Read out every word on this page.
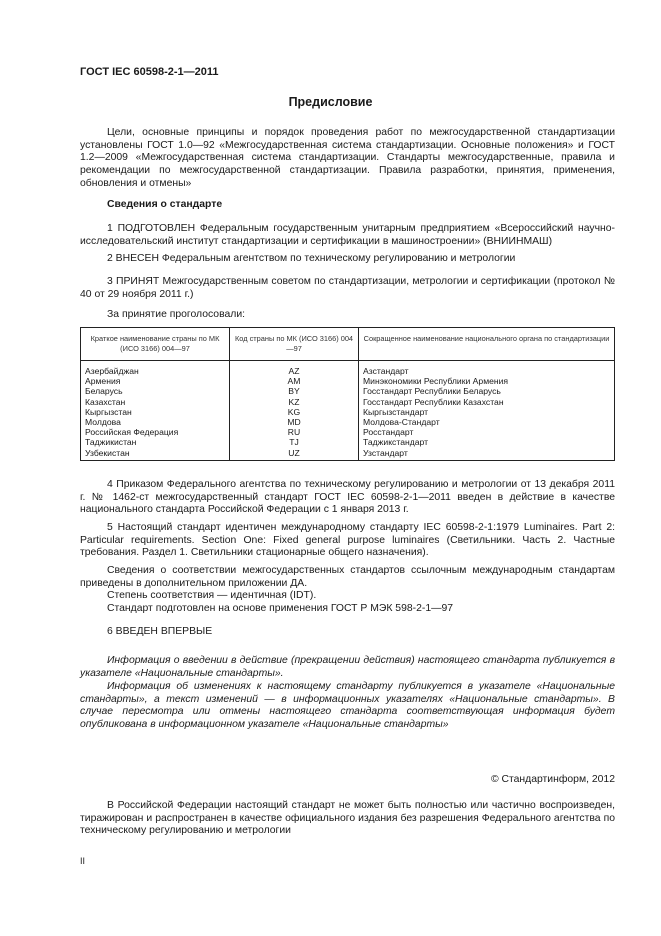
ГОСТ IEC 60598-2-1—2011
Предисловие

Цели, основные принципы и порядок проведения работ по межгосударственной стандартизации установлены ГОСТ 1.0—92 «Межгосударственная система стандартизации. Основные положения» и ГОСТ 1.2—2009 «Межгосударственная система стандартизации. Стандарты межгосударственные, правила и рекомендации по межгосударственной стандартизации. Правила разработки, принятия, применения, обновления и отмены»

Сведения о стандарте

1 ПОДГОТОВЛЕН Федеральным государственным унитарным предприятием «Всероссийский научно-исследовательский институт стандартизации и сертификации в машиностроении» (ВНИИНМАШ)

2 ВНЕСЕН Федеральным агентством по техническому регулированию и метрологии

3 ПРИНЯТ Межгосударственным советом по стандартизации, метрологии и сертификации (протокол № 40 от 29 ноября 2011 г.)

За принятие проголосовали:

Краткое наименование страны по МК (ИСО 3166) 004—97	Код страны по МК (ИСО 3166) 004—97	Сокращенное наименование национального органа по стандартизации
Азербайджан	AZ	Азстандарт
Армения	AM	Минэкономики Республики Армения
Беларусь	BY	Госстандарт Республики Беларусь
Казахстан	KZ	Госстандарт Республики Казахстан
Кыргызстан	KG	Кыргызстандарт
Молдова	MD	Молдова-Стандарт
Российская Федерация	RU	Росстандарт
Таджикистан	TJ	Таджикстандарт
Узбекистан	UZ	Узстандарт

4 Приказом Федерального агентства по техническому регулированию и метрологии от 13 декабря 2011 г. № 1462-ст межгосударственный стандарт ГОСТ IEC 60598-2-1—2011 введен в действие в качестве национального стандарта Российской Федерации с 1 января 2013 г.

5 Настоящий стандарт идентичен международному стандарту IEC 60598-2-1:1979 Luminaires. Part 2: Particular requirements. Section One: Fixed general purpose luminaires (Светильники. Часть 2. Частные требования. Раздел 1. Светильники стационарные общего назначения).

Сведения о соответствии межгосударственных стандартов ссылочным международным стандартам приведены в дополнительном приложении ДА.

Степень соответствия — идентичная (IDT).

Стандарт подготовлен на основе применения ГОСТ Р МЭК 598-2-1—97

6 ВВЕДЕН ВПЕРВЫЕ

Информация о введении в действие (прекращении действия) настоящего стандарта публикуется в указателе «Национальные стандарты».

Информация об изменениях к настоящему стандарту публикуется в указателе «Национальные стандарты», а текст изменений — в информационных указателях «Национальные стандарты». В случае пересмотра или отмены настоящего стандарта соответствующая информация будет опубликована в информационном указателе «Национальные стандарты»

© Стандартинформ, 2012

В Российской Федерации настоящий стандарт не может быть полностью или частично воспроизведен, тиражирован и распространен в качестве официального издания без разрешения Федерального агентства по техническому регулированию и метрологии

II
